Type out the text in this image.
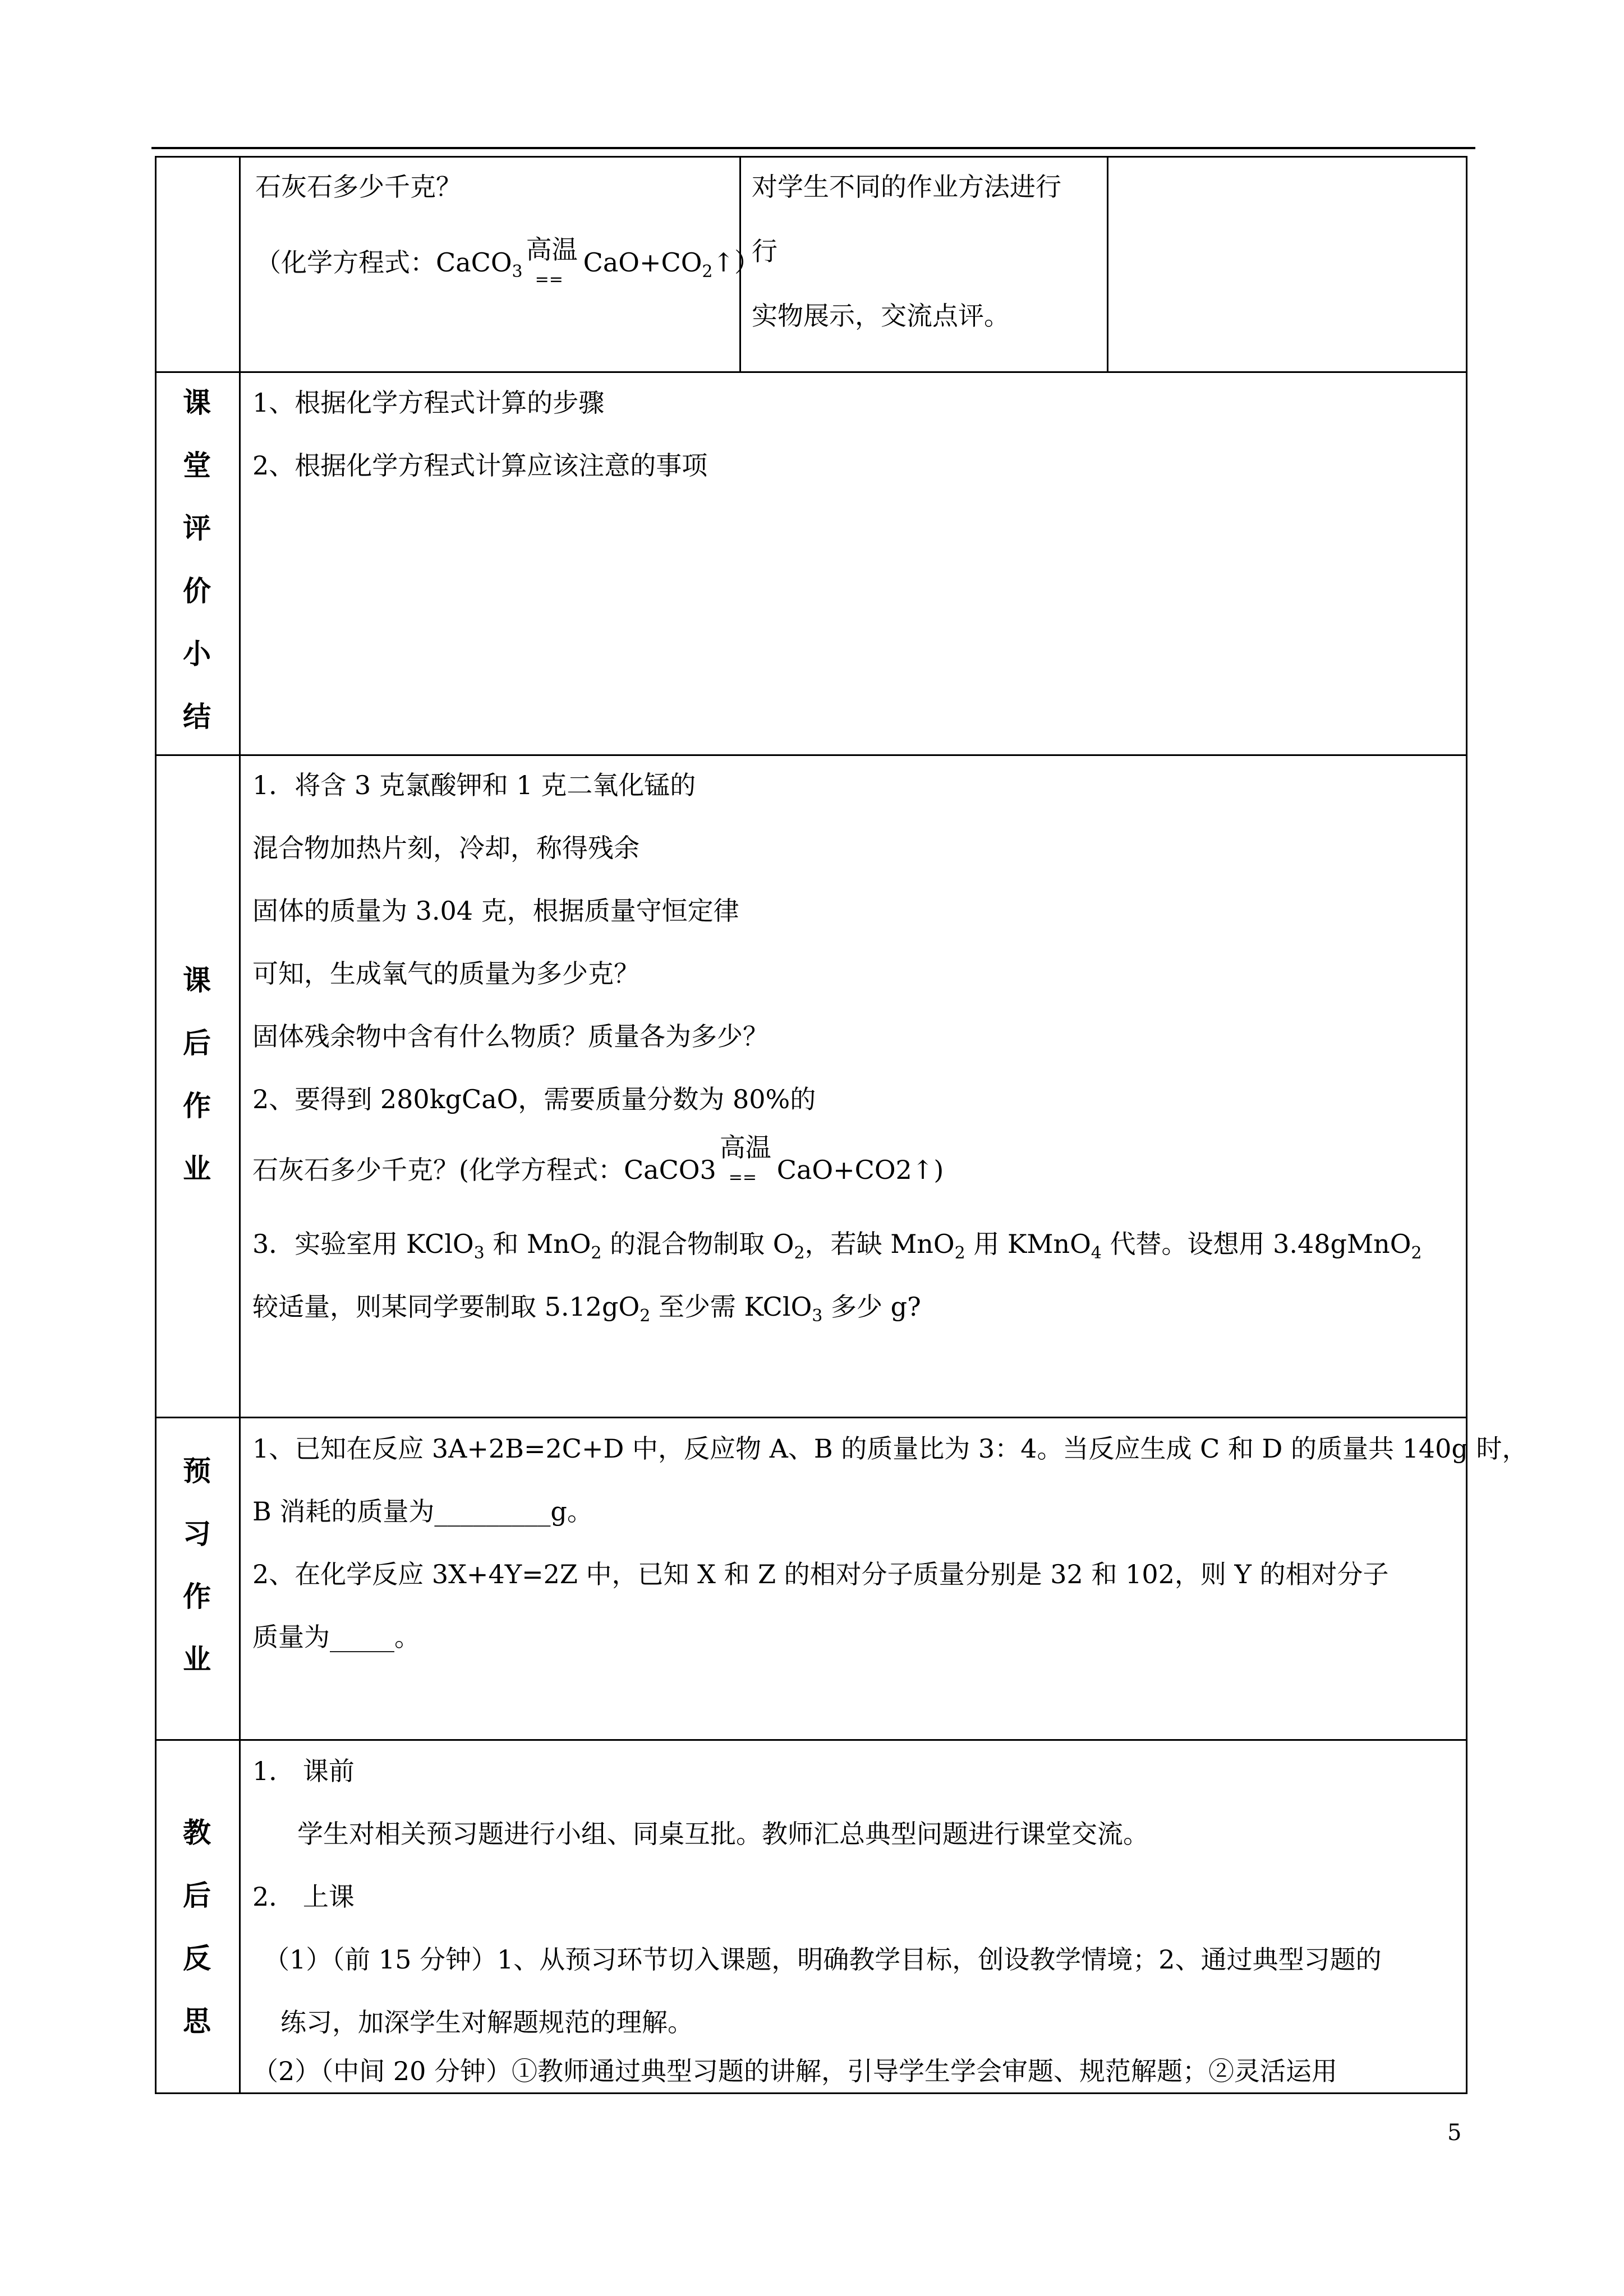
石灰石多少千克？
（化学方程式：CaCO$_3$
高温
==
$CaO+CO_2↑$）
对学生不同的作业方法进行
行
实物展示，交流点评。
课
堂
评
价
小
结
1、根据化学方程式计算的步骤
2、根据化学方程式计算应该注意的事项
课
后
作
业
1．将含 3 克氯酸钾和 1 克二氧化锰的
混合物加热片刻，冷却，称得残余
固体的质量为 3.04 克，根据质量守恒定律
可知，生成氧气的质量为多少克？
固体残余物中含有什么物质？质量各为多少？
2、要得到 280kgCaO，需要质量分数为 80%的
石灰石多少千克？(化学方程式：CaCO3
高温
== CaO+CO2↑)
3．实验室用 KClO$_3$ 和 MnO$_2$ 的混合物制取 $O_2$，若缺 MnO$_2$ 用 KMnO$_4$ 代替。设想用 3.48gMnO$_2$
较适量，则某同学要制取 $5.12gO_2$ 至少需 KClO$_3$ 多少 g?
预
习
作
业
1、已知在反应 3A+2B=2C+D 中，反应物 A、B 的质量比为 3：4。当反应生成 C 和 D 的质量共 140g 时，
B 消耗的质量为_________g。
2、在化学反应 3X+4Y=2Z 中，已知 X 和 Z 的相对分子质量分别是 32 和 102，则 Y 的相对分子
质量为_____。
教
后
反
思
1． 课前
学生对相关预习题进行小组、同桌互批。教师汇总典型问题进行课堂交流。
2． 上课
（1）（前 15 分钟）1、从预习环节切入课题，明确教学目标，创设教学情境；2、通过典型习题的
练习，加深学生对解题规范的理解。
（2）（中间 20 分钟）①教师通过典型习题的讲解，引导学生学会审题、规范解题；②灵活运用
5
